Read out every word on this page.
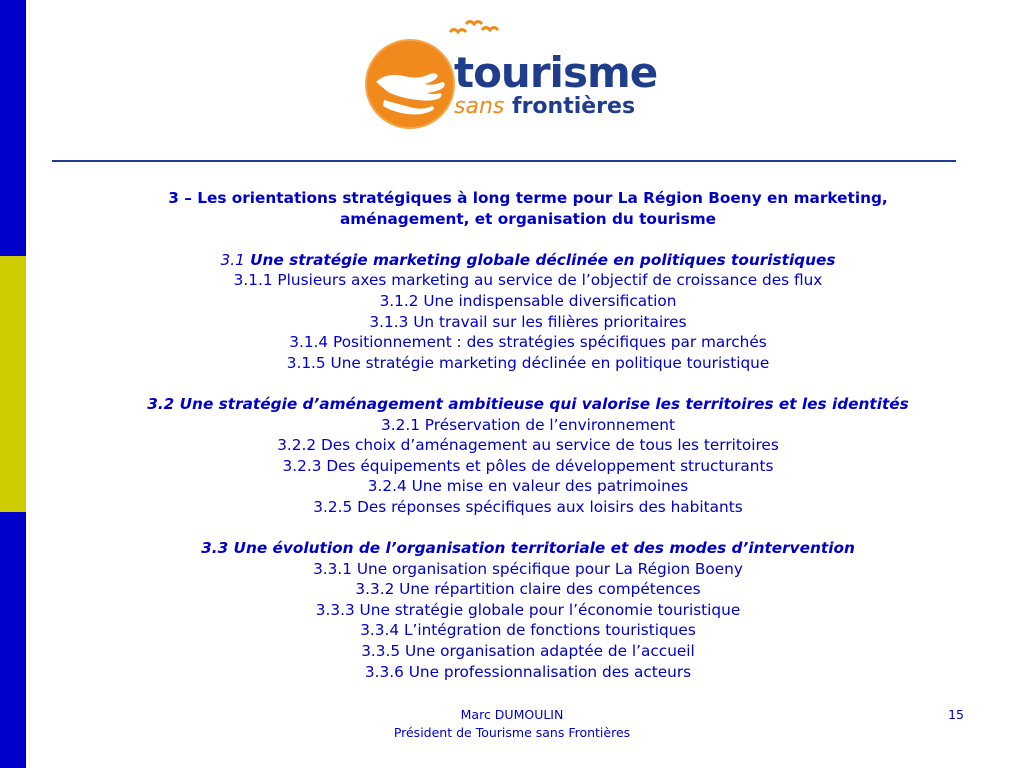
tourisme
sans frontières

3 – Les orientations stratégiques à long terme pour La Région Boeny en marketing,
aménagement, et organisation du tourisme

3.1 Une stratégie marketing globale déclinée en politiques touristiques

3.1.1 Plusieurs axes marketing au service de l’objectif de croissance des flux

3.1.2 Une indispensable diversification

3.1.3 Un travail sur les filières prioritaires

3.1.4 Positionnement : des stratégies spécifiques par marchés

3.1.5 Une stratégie marketing déclinée en politique touristique

3.2 Une stratégie d’aménagement ambitieuse qui valorise les territoires et les identités

3.2.1 Préservation de l’environnement

3.2.2 Des choix d’aménagement au service de tous les territoires

3.2.3 Des équipements et pôles de développement structurants

3.2.4 Une mise en valeur des patrimoines

3.2.5 Des réponses spécifiques aux loisirs des habitants

3.3 Une évolution de l’organisation territoriale et des modes d’intervention

3.3.1 Une organisation spécifique pour La Région Boeny

3.3.2 Une répartition claire des compétences

3.3.3 Une stratégie globale pour l’économie touristique

3.3.4 L’intégration de fonctions touristiques

3.3.5 Une organisation adaptée de l’accueil

3.3.6 Une professionnalisation des acteurs

Marc DUMOULIN
Président de Tourisme sans Frontières
15
